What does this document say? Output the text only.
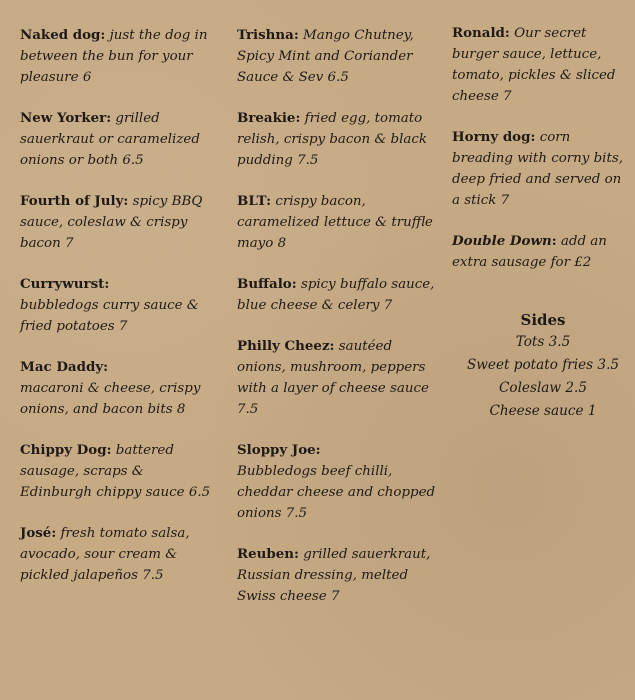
Naked dog: just the dog in between the bun for your pleasure 6
New Yorker: grilled sauerkraut or caramelized onions or both 6.5
Fourth of July: spicy BBQ sauce, coleslaw & crispy bacon 7
Currywurst:
bubbledogs curry sauce & fried potatoes 7
Mac Daddy:
macaroni & cheese, crispy onions, and bacon bits 8
Chippy Dog: battered sausage, scraps & Edinburgh chippy sauce 6.5
José: fresh tomato salsa, avocado, sour cream & pickled jalapeños 7.5
Trishna: Mango Chutney, Spicy Mint and Coriander Sauce & Sev 6.5
Breakie: fried egg, tomato relish, crispy bacon & black pudding 7.5
BLT: crispy bacon, caramelized lettuce & truffle mayo 8
Buffalo: spicy buffalo sauce, blue cheese & celery 7
Philly Cheez: sautéed onions, mushroom, peppers with a layer of cheese sauce 7.5
Sloppy Joe:
Bubbledogs beef chilli, cheddar cheese and chopped onions 7.5
Reuben: grilled sauerkraut, Russian dressing, melted Swiss cheese 7
Ronald: Our secret burger sauce, lettuce, tomato, pickles & sliced cheese 7
Horny dog: corn breading with corny bits, deep fried and served on a stick 7
Double Down: add an extra sausage for £2
Sides
Tots 3.5
Sweet potato fries 3.5
Coleslaw 2.5
Cheese sauce 1
